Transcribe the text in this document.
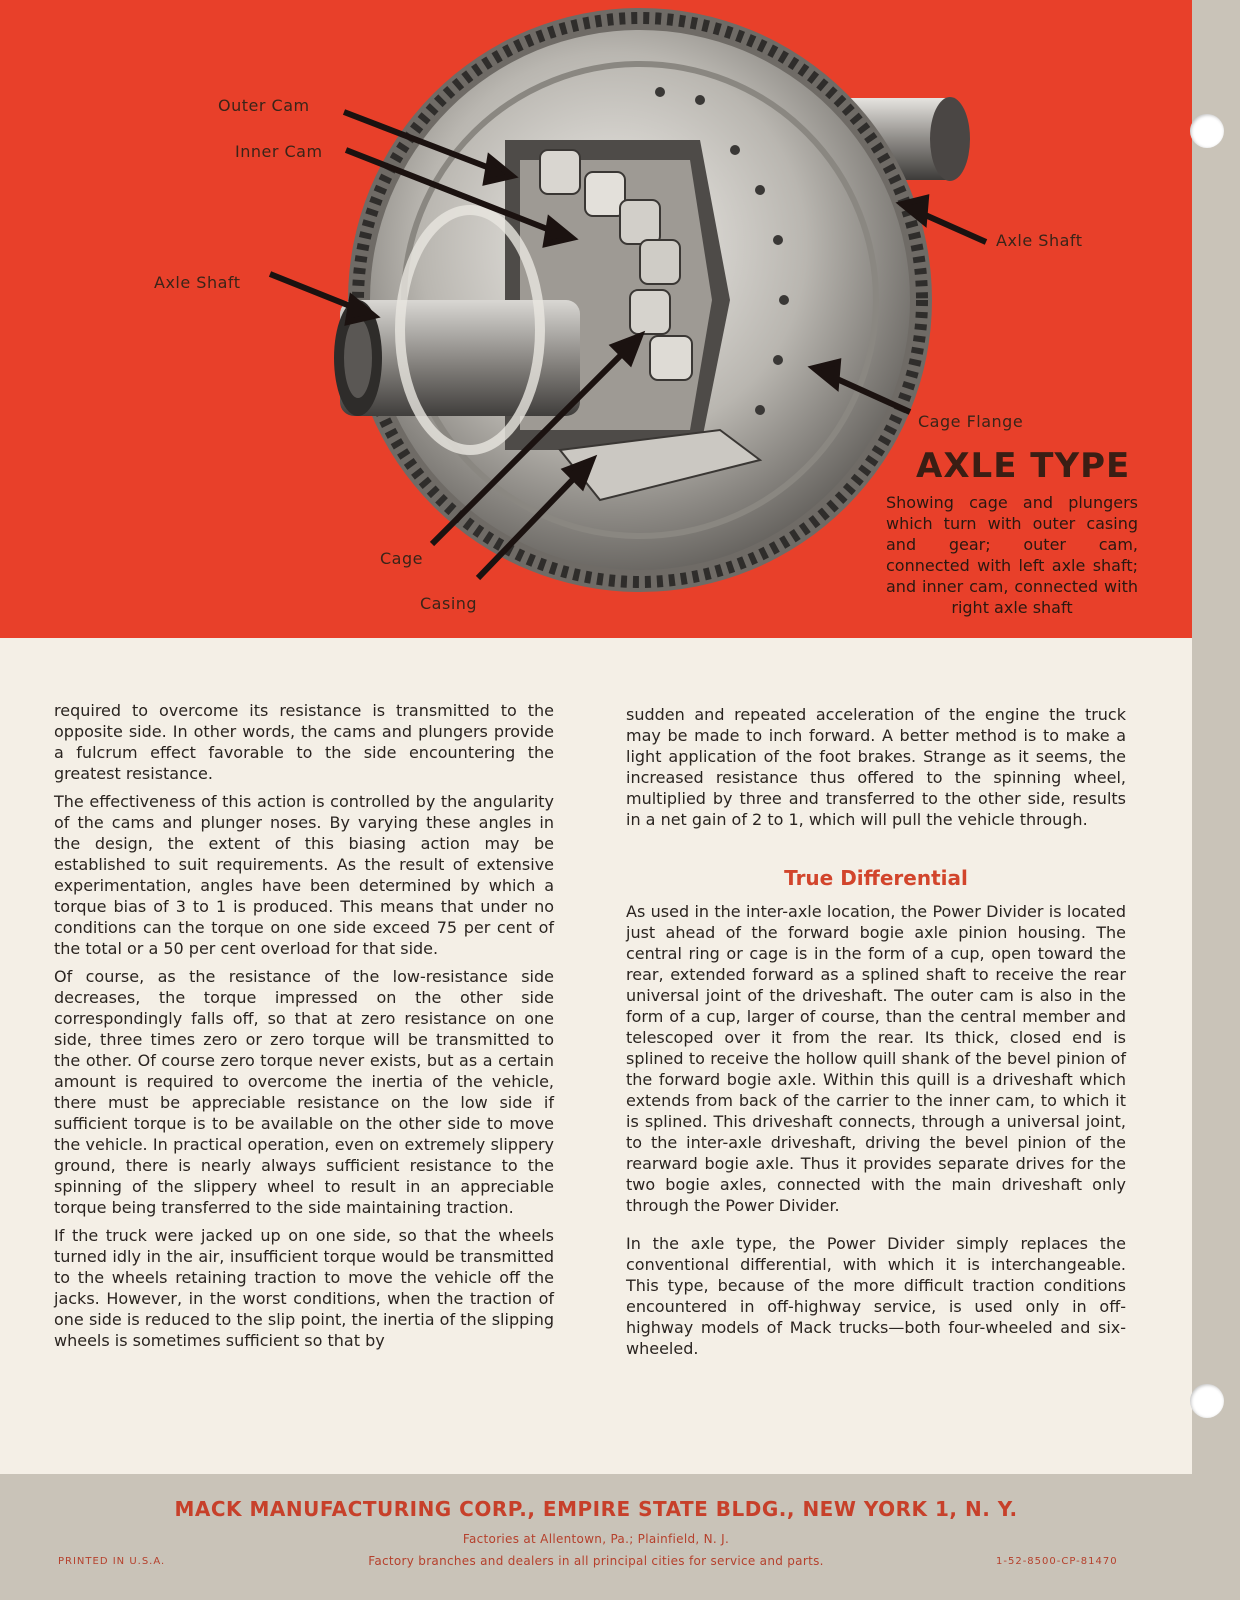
Outer Cam
Inner Cam
Axle Shaft
Axle Shaft
Cage Flange
Cage
Casing
AXLE TYPE
Showing cage and plungers which turn with outer casing and gear; outer cam, connected with left axle shaft; and inner cam, connected with right axle shaft

required to overcome its resistance is transmitted to the opposite side. In other words, the cams and plungers provide a fulcrum effect favorable to the side encountering the greatest resistance.

The effectiveness of this action is controlled by the angularity of the cams and plunger noses. By varying these angles in the design, the extent of this biasing action may be established to suit requirements. As the result of extensive experimentation, angles have been determined by which a torque bias of 3 to 1 is produced. This means that under no conditions can the torque on one side exceed 75 per cent of the total or a 50 per cent overload for that side.

Of course, as the resistance of the low-resistance side decreases, the torque impressed on the other side correspondingly falls off, so that at zero resistance on one side, three times zero or zero torque will be transmitted to the other. Of course zero torque never exists, but as a certain amount is required to overcome the inertia of the vehicle, there must be appreciable resistance on the low side if sufficient torque is to be available on the other side to move the vehicle. In practical operation, even on extremely slippery ground, there is nearly always sufficient resistance to the spinning of the slippery wheel to result in an appreciable torque being transferred to the side maintaining traction.

If the truck were jacked up on one side, so that the wheels turned idly in the air, insufficient torque would be transmitted to the wheels retaining traction to move the vehicle off the jacks. However, in the worst conditions, when the traction of one side is reduced to the slip point, the inertia of the slipping wheels is sometimes sufficient so that by

sudden and repeated acceleration of the engine the truck may be made to inch forward. A better method is to make a light application of the foot brakes. Strange as it seems, the increased resistance thus offered to the spinning wheel, multiplied by three and transferred to the other side, results in a net gain of 2 to 1, which will pull the vehicle through.

True Differential

As used in the inter-axle location, the Power Divider is located just ahead of the forward bogie axle pinion housing. The central ring or cage is in the form of a cup, open toward the rear, extended forward as a splined shaft to receive the rear universal joint of the driveshaft. The outer cam is also in the form of a cup, larger of course, than the central member and telescoped over it from the rear. Its thick, closed end is splined to receive the hollow quill shank of the bevel pinion of the forward bogie axle. Within this quill is a driveshaft which extends from back of the carrier to the inner cam, to which it is splined. This driveshaft connects, through a universal joint, to the inter-axle driveshaft, driving the bevel pinion of the rearward bogie axle. Thus it provides separate drives for the two bogie axles, connected with the main driveshaft only through the Power Divider.

In the axle type, the Power Divider simply replaces the conventional differential, with which it is interchangeable. This type, because of the more difficult traction conditions encountered in off-highway service, is used only in off-highway models of Mack trucks—both four-wheeled and six-wheeled.

MACK MANUFACTURING CORP., EMPIRE STATE BLDG., NEW YORK 1, N. Y.
Factories at Allentown, Pa.; Plainfield, N. J.
Factory branches and dealers in all principal cities for service and parts.
PRINTED IN U.S.A.	1-52-8500-CP-81470
